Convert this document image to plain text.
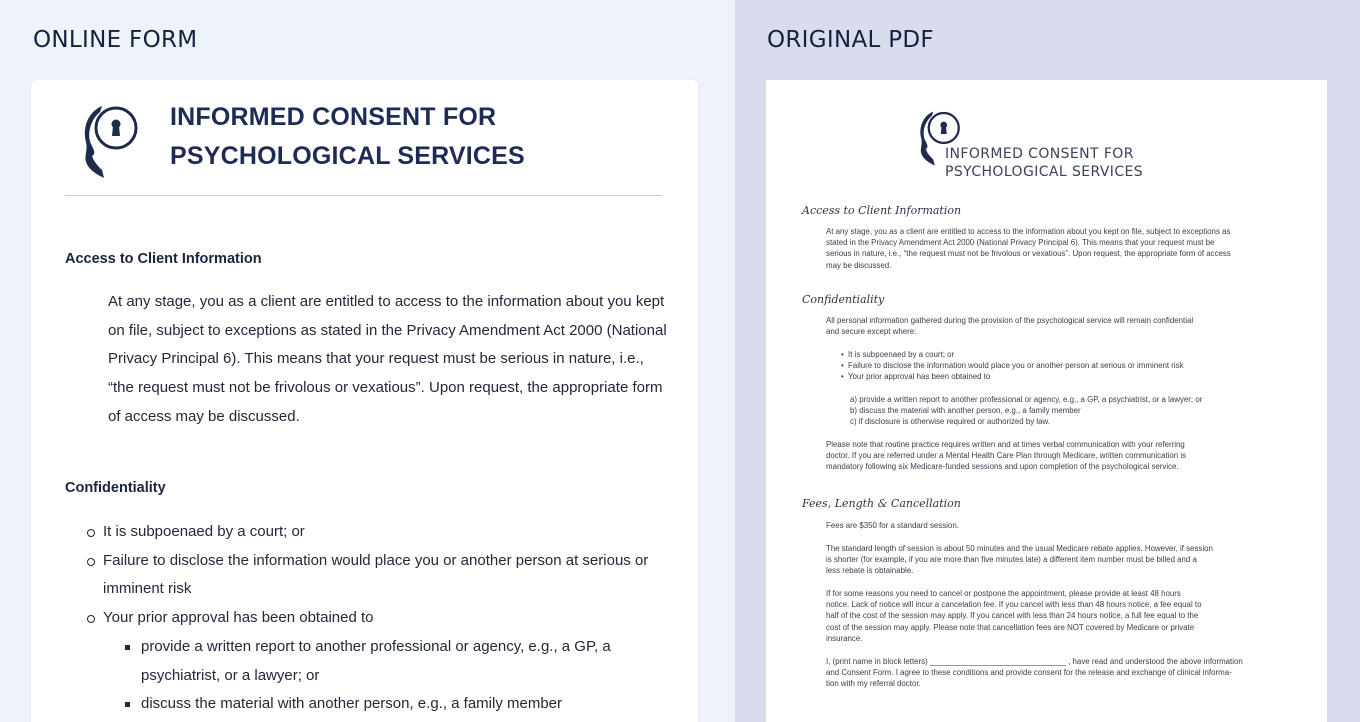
ONLINE FORM
INFORMED CONSENT FOR
PSYCHOLOGICAL SERVICES
Access to Client Information
At any stage, you as a client are entitled to access to the information about you kept on file, subject to exceptions as stated in the Privacy Amendment Act 2000 (National Privacy Principal 6). This means that your request must be serious in nature, i.e., “the request must not be frivolous or vexatious”. Upon request, the appropriate form of access may be discussed.
Confidentiality
It is subpoenaed by a court; or
Failure to disclose the information would place you or another person at serious or imminent risk
Your prior approval has been obtained to
provide a written report to another professional or agency, e.g., a GP, a psychiatrist, or a lawyer; or
discuss the material with another person, e.g., a family member
ORIGINAL PDF
INFORMED CONSENT FOR
PSYCHOLOGICAL SERVICES
Access to Client Information
At any stage, you as a client are entitled to access to the information about you kept on file, subject to exceptions as
stated in the Privacy Amendment Act 2000 (National Privacy Principal 6). This means that your request must be
serious in nature, i.e., “the request must not be frivolous or vexatious”. Upon request, the appropriate form of access
may be discussed.
Confidentiality
All personal information gathered during the provision of the psychological service will remain confidential
and secure except where:
• It is subpoenaed by a court; or
• Failure to disclose the information would place you or another person at serious or imminent risk
• Your prior approval has been obtained to
a) provide a written report to another professional or agency, e.g., a GP, a psychiatrist, or a lawyer; or
b) discuss the material with another person, e.g., a family member
c) if disclosure is otherwise required or authorized by law.
Please note that routine practice requires written and at times verbal communication with your referring
doctor. If you are referred under a Mental Health Care Plan through Medicare, written communication is
mandatory following six Medicare-funded sessions and upon completion of the psychological service.
Fees, Length & Cancellation
Fees are $350 for a standard session.
The standard length of session is about 50 minutes and the usual Medicare rebate applies. However, if session
is shorter (for example, if you are more than five minutes late) a different item number must be billed and a
less rebate is obtainable.
If for some reasons you need to cancel or postpone the appointment, please provide at least 48 hours
notice. Lack of notice will incur a cancelation fee. If you cancel with less than 48 hours notice, a fee equal to
half of the cost of the session may apply. If you cancel with less than 24 hours notice, a full fee equal to the
cost of the session may apply. Please note that cancellation fees are NOT covered by Medicare or private
insurance.
I, (print name in block letters) _______________________________ , have read and understood the above information
and Consent Form. I agree to these conditions and provide consent for the release and exchange of clinical informa-
tion with my referral doctor.
